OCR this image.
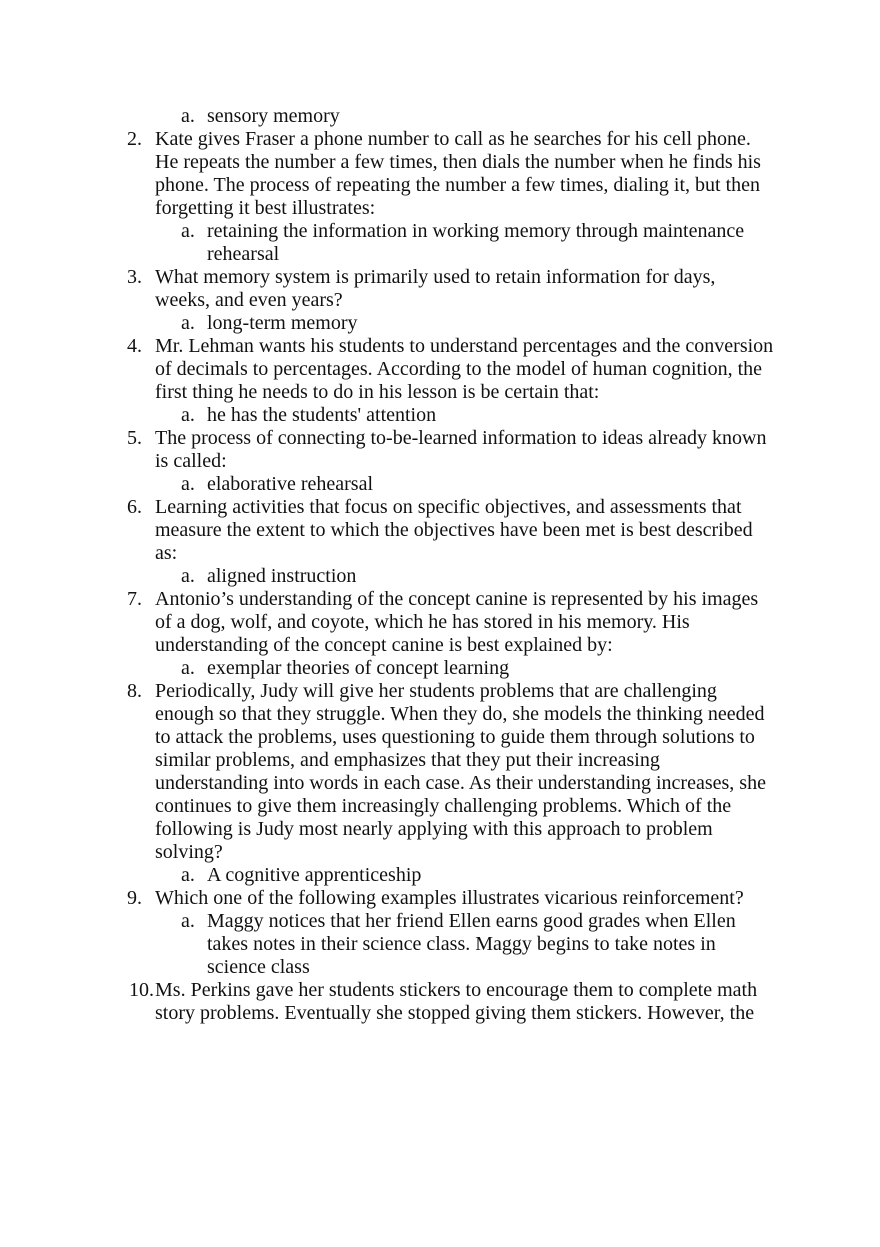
a. sensory memory
2. Kate gives Fraser a phone number to call as he searches for his cell phone. He repeats the number a few times, then dials the number when he finds his phone. The process of repeating the number a few times, dialing it, but then forgetting it best illustrates:
a. retaining the information in working memory through maintenance rehearsal
3. What memory system is primarily used to retain information for days, weeks, and even years?
a. long-term memory
4. Mr. Lehman wants his students to understand percentages and the conversion of decimals to percentages. According to the model of human cognition, the first thing he needs to do in his lesson is be certain that:
a. he has the students' attention
5. The process of connecting to-be-learned information to ideas already known is called:
a. elaborative rehearsal
6. Learning activities that focus on specific objectives, and assessments that measure the extent to which the objectives have been met is best described as:
a. aligned instruction
7. Antonio’s understanding of the concept canine is represented by his images of a dog, wolf, and coyote, which he has stored in his memory. His understanding of the concept canine is best explained by:
a. exemplar theories of concept learning
8. Periodically, Judy will give her students problems that are challenging enough so that they struggle. When they do, she models the thinking needed to attack the problems, uses questioning to guide them through solutions to similar problems, and emphasizes that they put their increasing understanding into words in each case. As their understanding increases, she continues to give them increasingly challenging problems. Which of the following is Judy most nearly applying with this approach to problem solving?
a. A cognitive apprenticeship
9. Which one of the following examples illustrates vicarious reinforcement?
a. Maggy notices that her friend Ellen earns good grades when Ellen takes notes in their science class. Maggy begins to take notes in science class
10. Ms. Perkins gave her students stickers to encourage them to complete math story problems. Eventually she stopped giving them stickers. However, the
